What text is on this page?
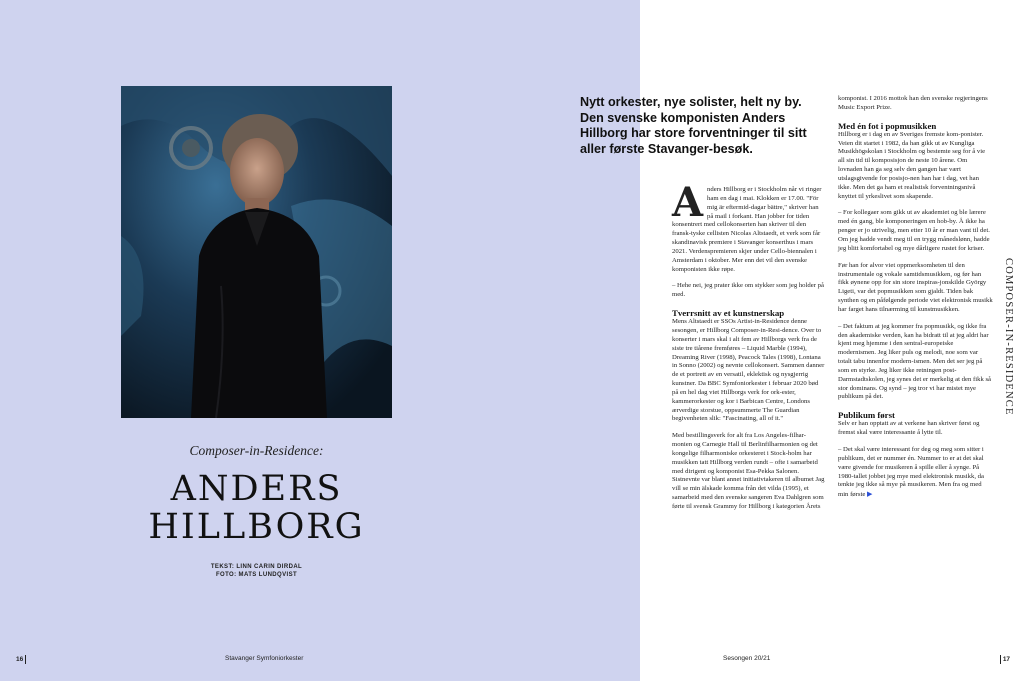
Composer-in-Residence:
ANDERS
HILLBORG
TEKST: LINN CARIN DIRDAL
FOTO: MATS LUNDQVIST
16	Stavanger Symfoniorkester	Sesongen 20/21	17
Nytt orkester, nye solister, helt ny by. Den svenske komponisten Anders Hillborg har store forventninger til sitt aller første Stavanger-besøk.

Anders Hillborg er i Stockholm når vi ringer ham en dag i mai. Klokken er 17.00. "För mig är eftermid-dagar bättre," skriver han på mail i forkant. Han jobber for tiden konsentrert med cellokonserten han skriver til den fransk-tyske cellisten Nicolas Altstaedt, et verk som får skandinavisk premiere i Stavanger konserthus i mars 2021. Verdenspremieren skjer under Cello-biennalen i Amsterdam i oktober. Mer enn det vil den svenske komponisten ikke røpe.

– Hehe nei, jeg prater ikke om stykker som jeg holder på med.

Tverrsnitt av et kunstnerskap

Mens Altstaedt er SSOs Artist-in-Residence denne sesongen, er Hillborg Composer-in-Resi-dence. Over to konserter i mars skal i alt fem av Hillborgs verk fra de siste tre tiårene fremføres – Liquid Marble (1994), Dreaming River (1998), Peacock Tales (1998), Lontana in Sonno (2002) og nevnte cellokonsert. Sammen danner de et portrett av en versatil, eklektisk og nysgjerrig kunstner. Da BBC Symfoniorkester i februar 2020 bød på en hel dag viet Hillborgs verk for ork-ester, kammerorkester og kor i Barbican Centre, Londons ærverdige storstue, oppsummerte The Guardian begivenheten slik: "Fascinating, all of it."

Med bestillingsverk for alt fra Los Angeles-filhar-monien og Carnegie Hall til Berlinfilharmonien og det kongelige filharmoniske orkesteret i Stock-holm har musikken tatt Hillborg verden rundt – ofte i samarbeid med dirigent og komponist Esa-Pekka Salonen. Sistnevnte var blant annet initiativtakeren til albumet Jag vill se min älskade komma från det vilda (1995), et samarbeid med den svenske sangeren Eva Dahlgren som førte til svensk Grammy for Hillborg i kategorien Årets

komponist. I 2016 mottok han den svenske regjeringens Music Export Prize.

Med én fot i popmusikken

Hillborg er i dag en av Sveriges fremste kom-ponister. Veien dit startet i 1982, da han gikk ut av Kungliga Musikhögskolan i Stockholm og bestemte seg for å vie all sin tid til komposisjon de neste 10 årene. Om lovnaden han ga seg selv den gangen har vært utslagsgivende for posisjo-nen han har i dag, vet han ikke. Men det ga ham et realistisk forventningsnivå knyttet til yrkeslivet som skapende.

– For kollegaer som gikk ut av akademiet og ble lærere med én gang, ble komponeringen en hob-by. Å ikke ha penger er jo utrivelig, men etter 10 år er man vant til det. Om jeg hadde vendt meg til en trygg månedslønn, hadde jeg blitt komfortabel og mye dårligere rustet for kriser.

Før han for alvor viet oppmerksomheten til den instrumentale og vokale samtidsmusikken, og før han fikk øynene opp for sin store inspiras-jonskilde György Ligeti, var det popmusikken som gjaldt. Tiden bak synthen og en påfølgende periode viet elektronisk musikk har farget hans tilnærming til kunstmusikken.

– Det faktum at jeg kommer fra popmusikk, og ikke fra den akademiske verden, kan ha bidratt til at jeg aldri har kjent meg hjemme i den sentral-europeiske modernismen. Jeg liker puls og melodi, noe som var totalt tabu innenfor modern-ismen. Men det ser jeg på som en styrke. Jeg liker ikke retningen post-Darmstadtskolen, jeg synes det er merkelig at den fikk så stor dominans. Og synd – jeg tror vi har mistet mye publikum på det.

Publikum først

Selv er han opptatt av at verkene han skriver først og fremst skal være interessante å lytte til.

– Det skal være interessant for deg og meg som sitter i publikum, det er nummer én. Nummer to er at det skal være givende for musikeren å spille eller å synge. På 1980-tallet jobbet jeg mye med elektronisk musikk, da tenkte jeg ikke så mye på musikeren. Men fra og med min første ▶

COMPOSER-IN-RESIDENCE
